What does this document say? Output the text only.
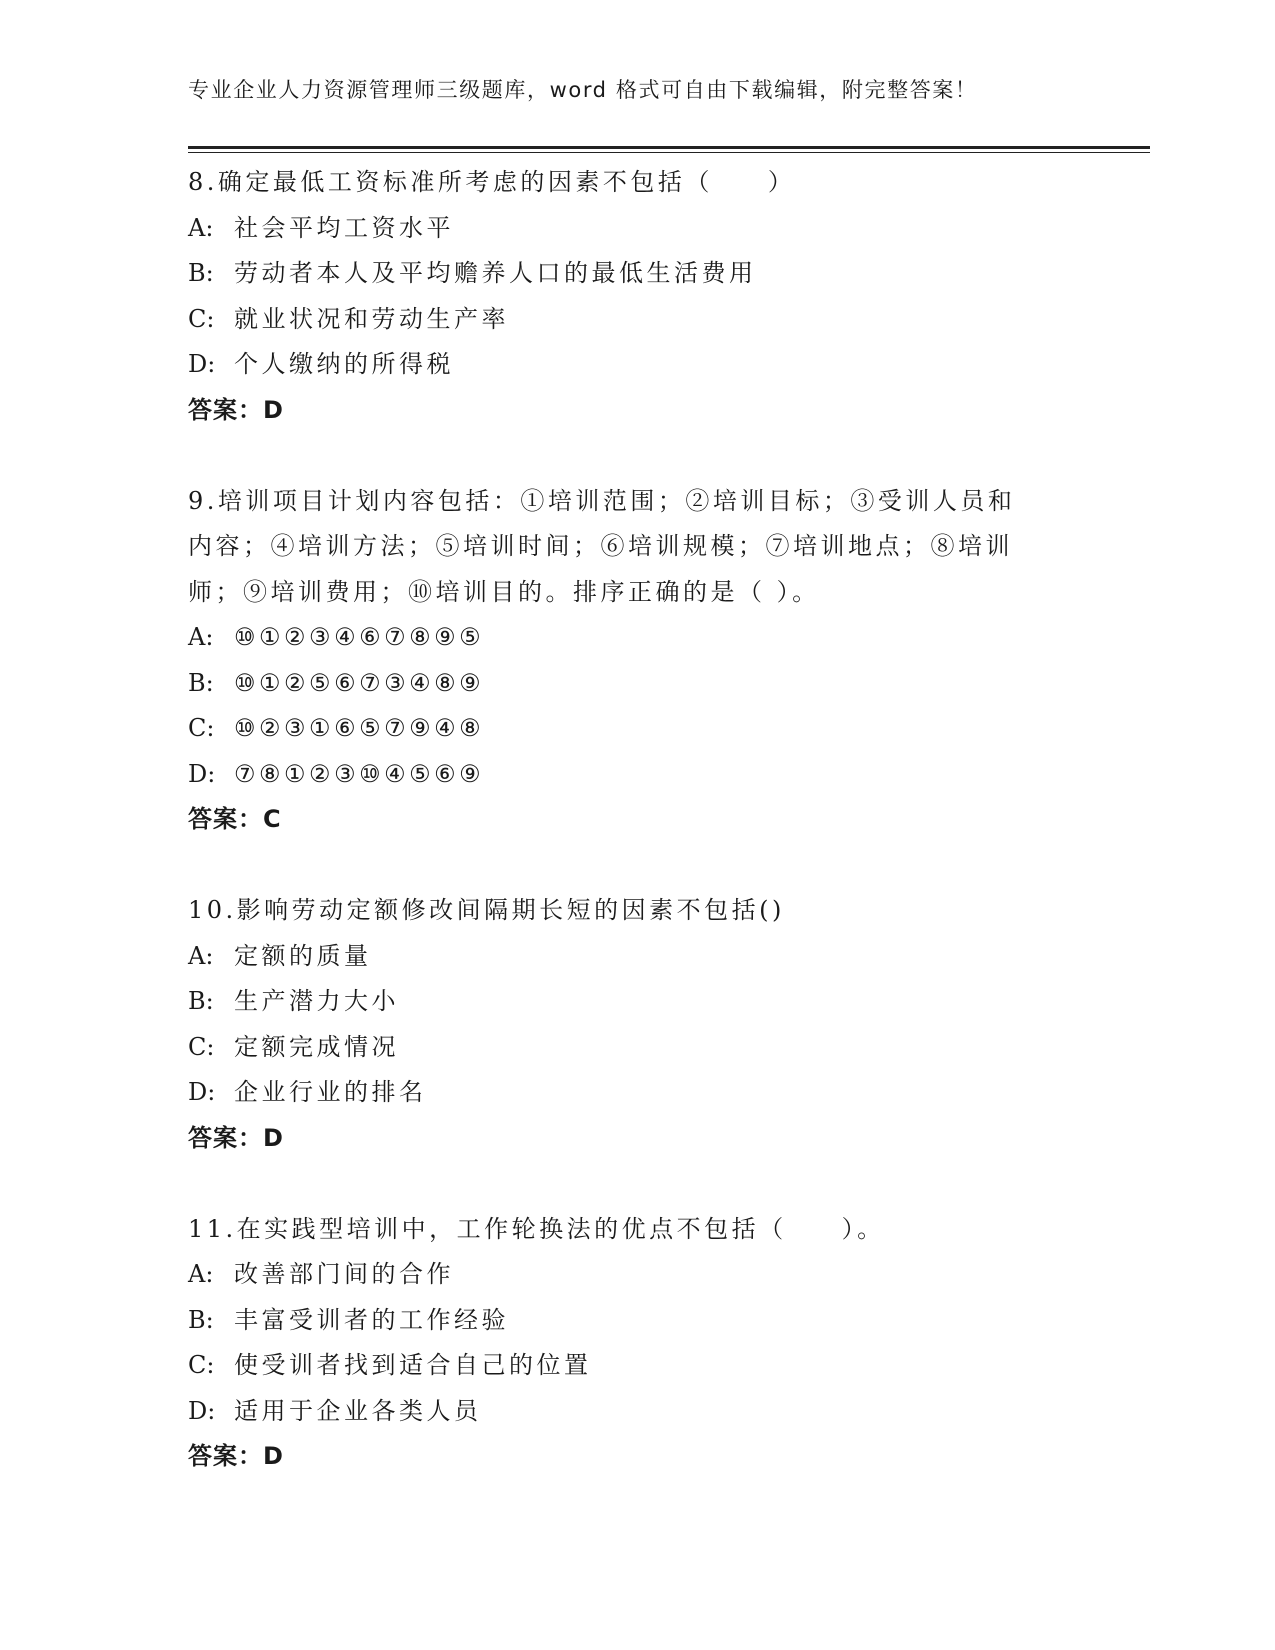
专业企业人力资源管理师三级题库，word 格式可自由下载编辑，附完整答案！
8.确定最低工资标准所考虑的因素不包括（　　）
A: 社会平均工资水平
B: 劳动者本人及平均赡养人口的最低生活费用
C: 就业状况和劳动生产率
D: 个人缴纳的所得税
答案：D
9.培训项目计划内容包括：①培训范围；②培训目标；③受训人员和
内容；④培训方法；⑤培训时间；⑥培训规模；⑦培训地点；⑧培训
师；⑨培训费用；⑩培训目的。排序正确的是（ ）。
A: ⑩①②③④⑥⑦⑧⑨⑤
B: ⑩①②⑤⑥⑦③④⑧⑨
C: ⑩②③①⑥⑤⑦⑨④⑧
D: ⑦⑧①②③⑩④⑤⑥⑨
答案：C
10.影响劳动定额修改间隔期长短的因素不包括()
A: 定额的质量
B: 生产潜力大小
C: 定额完成情况
D: 企业行业的排名
答案：D
11.在实践型培训中，工作轮换法的优点不包括（　　）。
A: 改善部门间的合作
B: 丰富受训者的工作经验
C: 使受训者找到适合自己的位置
D: 适用于企业各类人员
答案：D
